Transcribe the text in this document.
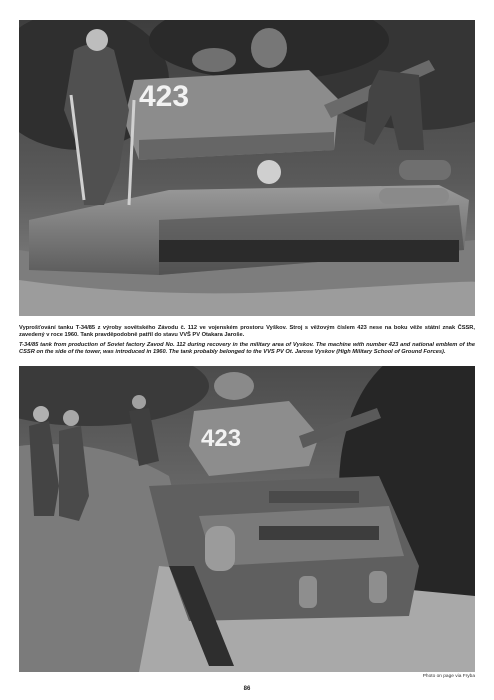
423

Vyprošťování tanku T-34/85 z výroby sovětského Závodu č. 112 ve vojenském prostoru Vyškov. Stroj s věžovým číslem 423 nese na boku věže státní znak ČSSR, zavedený v roce 1960. Tank pravděpodobně patřil do stavu VVŠ PV Otakara Jaroše.

T-34/85 tank from production of Soviet factory Zavod No. 112 during recovery in the military area of Vyskov. The machine with number 423 and national emblem of the CSSR on the side of the tower, was introduced in 1960. The tank probably belonged to the VVS PV Ot. Jarose Vyskov (High Military School of Ground Forces).

423
Photo on page via Fryba
86
